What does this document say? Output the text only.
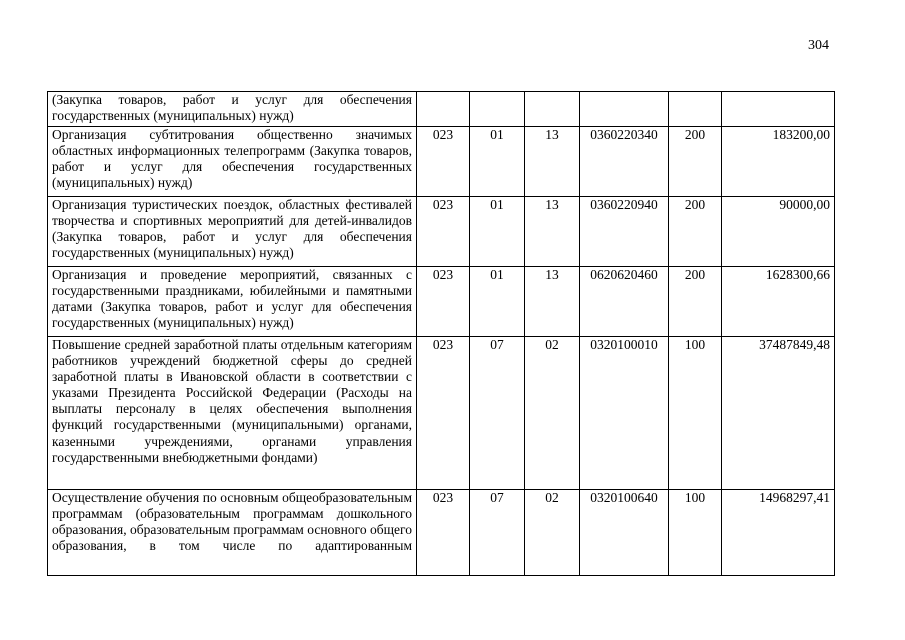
304
(Закупка товаров, работ и услуг для обеспечения государственных (муниципальных) нужд)						
Организация субтитрования общественно значимых областных информационных телепрограмм (Закупка товаров, работ и услуг для обеспечения государственных (муниципальных) нужд)	023	01	13	0360220340	200	183200,00
Организация туристических поездок, областных фестивалей творчества и спортивных мероприятий для детей-инвалидов (Закупка товаров, работ и услуг для обеспечения государственных (муниципальных) нужд)	023	01	13	0360220940	200	90000,00
Организация и проведение мероприятий, связанных с государственными праздниками, юбилейными и памятными датами (Закупка товаров, работ и услуг для обеспечения государственных (муниципальных) нужд)	023	01	13	0620620460	200	1628300,66
Повышение средней заработной платы отдельным категориям работников учреждений бюджетной сферы до средней заработной платы в Ивановской области в соответствии с указами Президента Российской Федерации (Расходы на выплаты персоналу в целях обеспечения выполнения функций государственными (муниципальными) органами, казенными учреждениями, органами управления государственными внебюджетными фондами)	023	07	02	0320100010	100	37487849,48
Осуществление обучения по основным общеобразовательным программам (образовательным программам дошкольного образования, образовательным программам основного общего образования, в том числе по адаптированным	023	07	02	0320100640	100	14968297,41
